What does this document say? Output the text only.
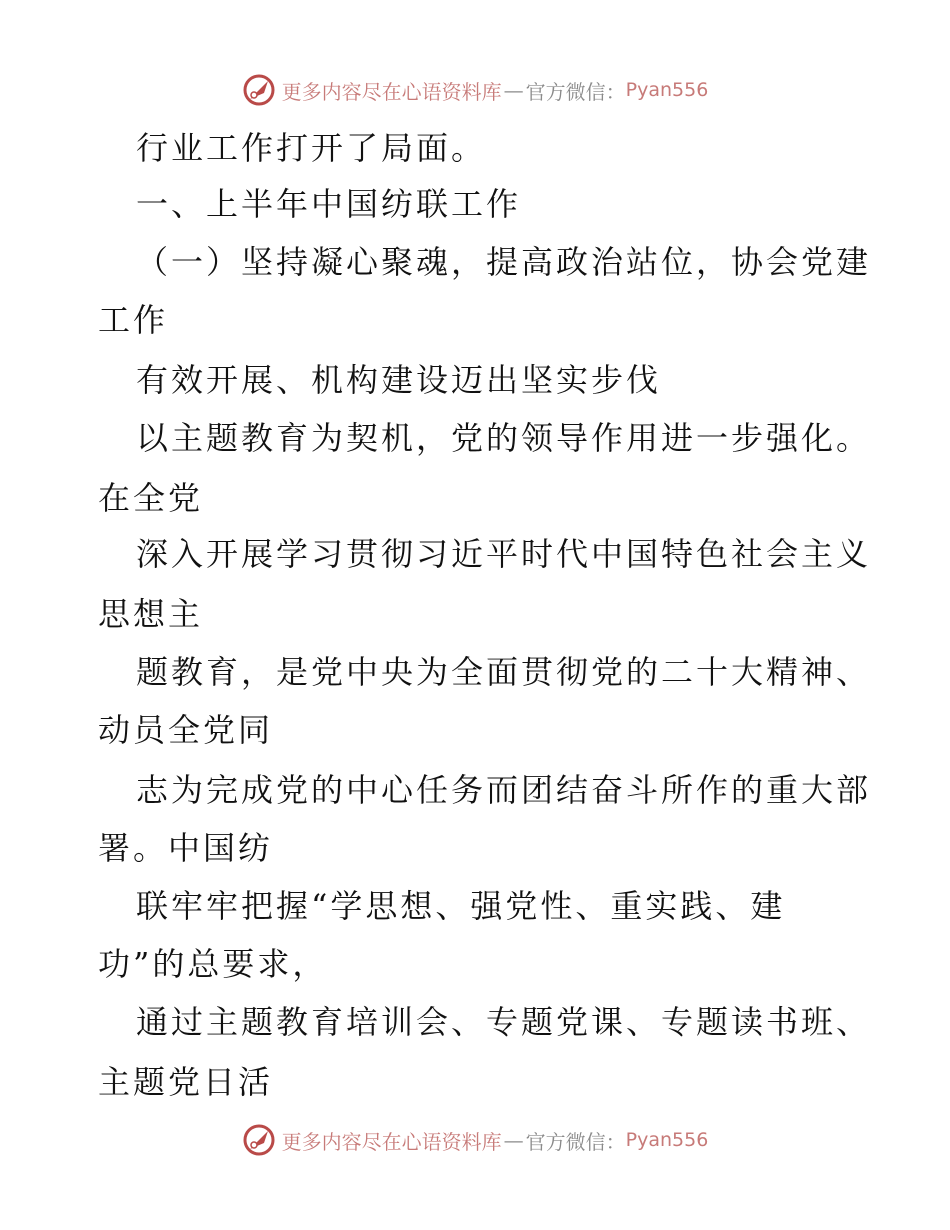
更多内容尽在心语资料库 — 官方微信： Pyan556
行业工作打开了局面。
一、上半年中国纺联工作
（一）坚持凝心聚魂，提高政治站位，协会党建
工作
有效开展、机构建设迈出坚实步伐
以主题教育为契机，党的领导作用进一步强化。
在全党
深入开展学习贯彻习近平时代中国特色社会主义
思想主
题教育，是党中央为全面贯彻党的二十大精神、
动员全党同
志为完成党的中心任务而团结奋斗所作的重大部
署。中国纺
联牢牢把握“学思想、强党性、重实践、建
功”的总要求，
通过主题教育培训会、专题党课、专题读书班、
主题党日活
更多内容尽在心语资料库 — 官方微信： Pyan556
